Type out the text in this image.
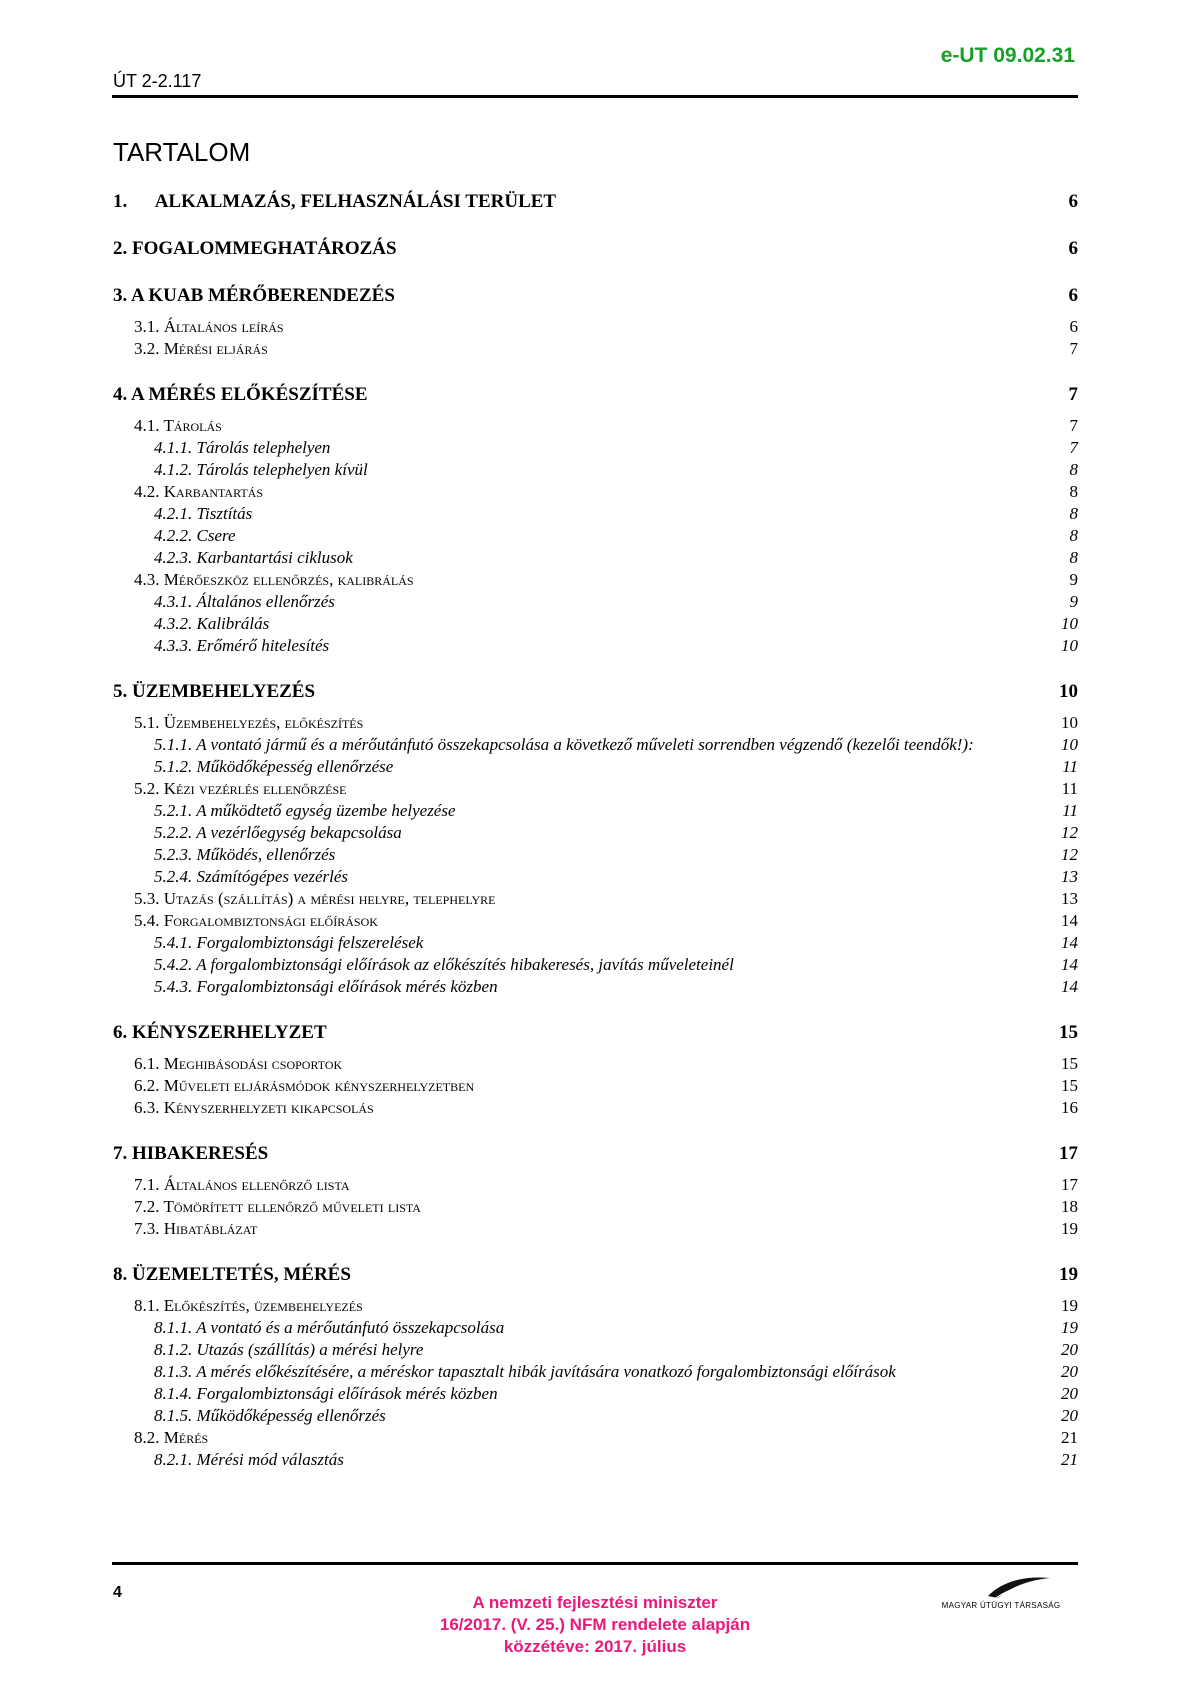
ÚT 2-2.117
e-UT 09.02.31
TARTALOM
1. ALKALMAZÁS, FELHASZNÁLÁSI TERÜLET	6
2. FOGALOMMEGHATÁROZÁS	6
3. A KUAB MÉRŐBERENDEZÉS	6
3.1. Általános leírás	6
3.2. Mérési eljárás	7
4. A MÉRÉS ELŐKÉSZÍTÉSE	7
4.1. Tárolás	7
4.1.1. Tárolás telephelyen	7
4.1.2. Tárolás telephelyen kívül	8
4.2. Karbantartás	8
4.2.1. Tisztítás	8
4.2.2. Csere	8
4.2.3. Karbantartási ciklusok	8
4.3. Mérőeszköz ellenőrzés, kalibrálás	9
4.3.1. Általános ellenőrzés	9
4.3.2. Kalibrálás	10
4.3.3. Erőmérő hitelesítés	10
5. ÜZEMBEHELYEZÉS	10
5.1. Üzembehelyezés, előkészítés	10
5.1.1. A vontató jármű és a mérőutánfutó összekapcsolása a következő műveleti sorrendben végzendő (kezelői teendők!):	10
5.1.2. Működőképesség ellenőrzése	11
5.2. Kézi vezérlés ellenőrzése	11
5.2.1. A működtető egység üzembe helyezése	11
5.2.2. A vezérlőegység bekapcsolása	12
5.2.3. Működés, ellenőrzés	12
5.2.4. Számítógépes vezérlés	13
5.3. Utazás (szállítás) a mérési helyre, telephelyre	13
5.4. Forgalombiztonsági előírások	14
5.4.1. Forgalombiztonsági felszerelések	14
5.4.2. A forgalombiztonsági előírások az előkészítés hibakeresés, javítás műveleteinél	14
5.4.3. Forgalombiztonsági előírások mérés közben	14
6. KÉNYSZERHELYZET	15
6.1. Meghibásodási csoportok	15
6.2. Műveleti eljárásmódok kényszerhelyzetben	15
6.3. Kényszerhelyzeti kikapcsolás	16
7. HIBAKERESÉS	17
7.1. Általános ellenőrző lista	17
7.2. Tömörített ellenőrző műveleti lista	18
7.3. Hibatáblázat	19
8. ÜZEMELTETÉS, MÉRÉS	19
8.1. Előkészítés, üzembehelyezés	19
8.1.1. A vontató és a mérőutánfutó összekapcsolása	19
8.1.2. Utazás (szállítás) a mérési helyre	20
8.1.3. A mérés előkészítésére, a méréskor tapasztalt hibák javítására vonatkozó forgalombiztonsági előírások	20
8.1.4. Forgalombiztonsági előírások mérés közben	20
8.1.5. Működőképesség ellenőrzés	20
8.2. Mérés	21
8.2.1. Mérési mód választás	21
4
MAGYAR ÚTÜGYI TÁRSASÁG
A nemzeti fejlesztési miniszter
16/2017. (V. 25.) NFM rendelete alapján
közzétéve: 2017. július
